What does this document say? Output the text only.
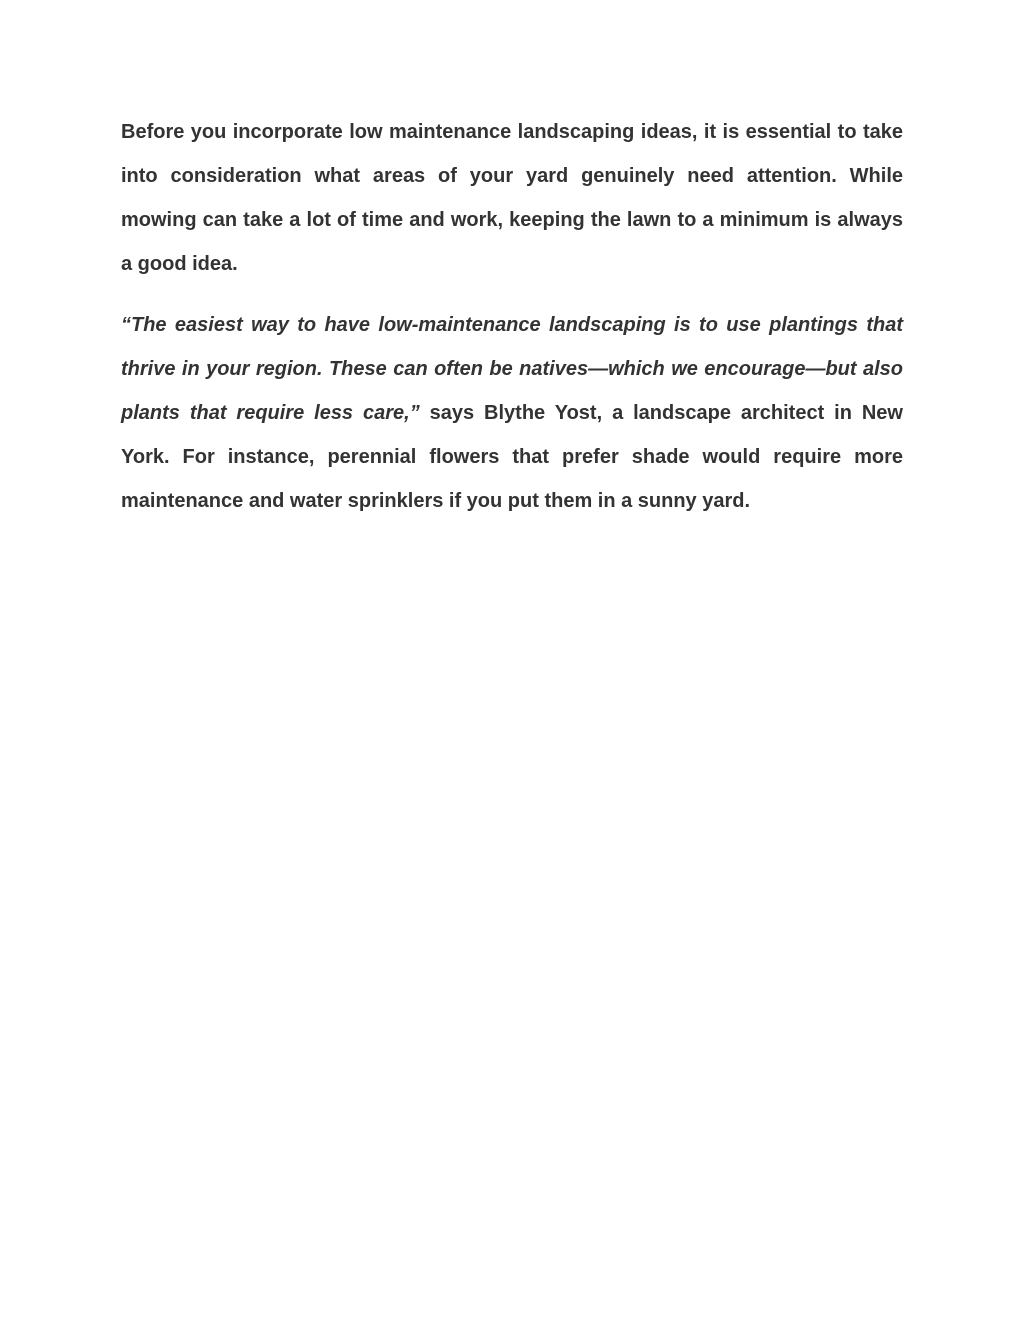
Before you incorporate low maintenance landscaping ideas, it is essential to take into consideration what areas of your yard genuinely need attention. While mowing can take a lot of time and work, keeping the lawn to a minimum is always a good idea.

“The easiest way to have low-maintenance landscaping is to use plantings that thrive in your region. These can often be natives—which we encourage—but also plants that require less care,” says Blythe Yost, a landscape architect in New York. For instance, perennial flowers that prefer shade would require more maintenance and water sprinklers if you put them in a sunny yard.
